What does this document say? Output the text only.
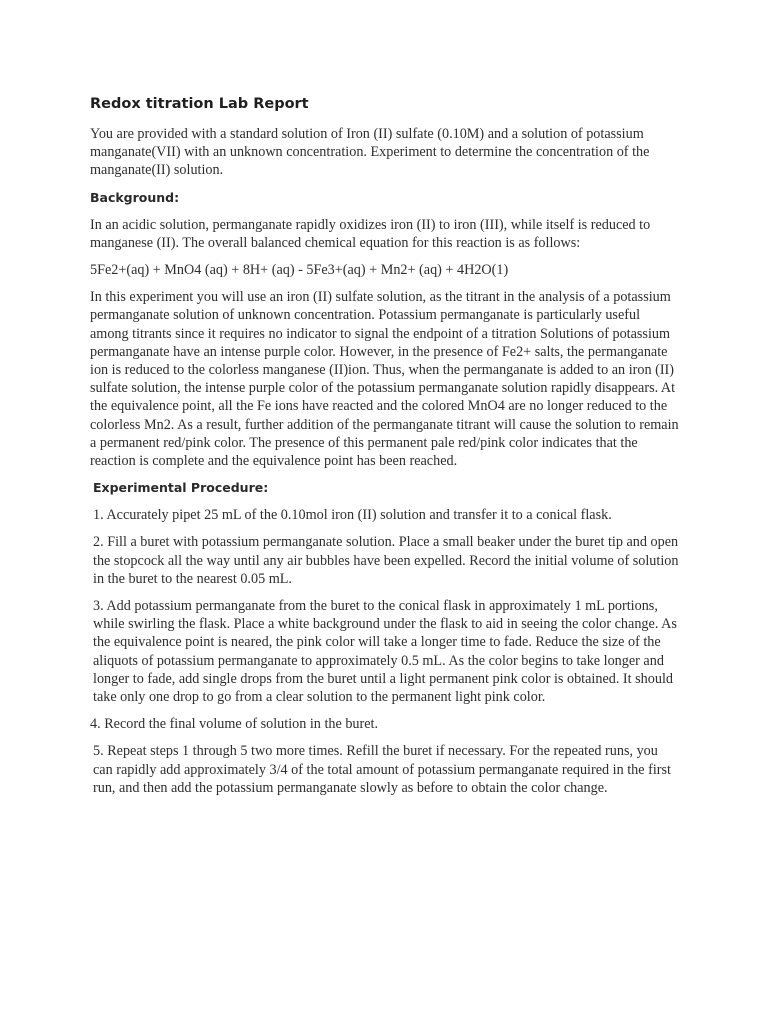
Redox titration Lab Report

You are provided with a standard solution of Iron (II) sulfate (0.10M) and a solution of potassium manganate(VII) with an unknown concentration. Experiment to determine the concentration of the manganate(II) solution.

Background:

In an acidic solution, permanganate rapidly oxidizes iron (II) to iron (III), while itself is reduced to manganese (II). The overall balanced chemical equation for this reaction is as follows:

5Fe2+(aq) + MnO4 (aq) + 8H+ (aq) - 5Fe3+(aq) + Mn2+ (aq) + 4H2O(1)

In this experiment you will use an iron (II) sulfate solution, as the titrant in the analysis of a potassium permanganate solution of unknown concentration. Potassium permanganate is particularly useful among titrants since it requires no indicator to signal the endpoint of a titration Solutions of potassium permanganate have an intense purple color. However, in the presence of Fe2+ salts, the permanganate ion is reduced to the colorless manganese (II)ion. Thus, when the permanganate is added to an iron (II) sulfate solution, the intense purple color of the potassium permanganate solution rapidly disappears. At the equivalence point, all the Fe ions have reacted and the colored MnO4 are no longer reduced to the colorless Mn2. As a result, further addition of the permanganate titrant will cause the solution to remain a permanent red/pink color. The presence of this permanent pale red/pink color indicates that the reaction is complete and the equivalence point has been reached.

Experimental Procedure:

1. Accurately pipet 25 mL of the 0.10mol iron (II) solution and transfer it to a conical flask.

2. Fill a buret with potassium permanganate solution. Place a small beaker under the buret tip and open the stopcock all the way until any air bubbles have been expelled. Record the initial volume of solution in the buret to the nearest 0.05 mL.

3. Add potassium permanganate from the buret to the conical flask in approximately 1 mL portions, while swirling the flask. Place a white background under the flask to aid in seeing the color change. As the equivalence point is neared, the pink color will take a longer time to fade. Reduce the size of the aliquots of potassium permanganate to approximately 0.5 mL. As the color begins to take longer and longer to fade, add single drops from the buret until a light permanent pink color is obtained. It should take only one drop to go from a clear solution to the permanent light pink color.

4. Record the final volume of solution in the buret.

5. Repeat steps 1 through 5 two more times. Refill the buret if necessary. For the repeated runs, you can rapidly add approximately 3/4 of the total amount of potassium permanganate required in the first run, and then add the potassium permanganate slowly as before to obtain the color change.
